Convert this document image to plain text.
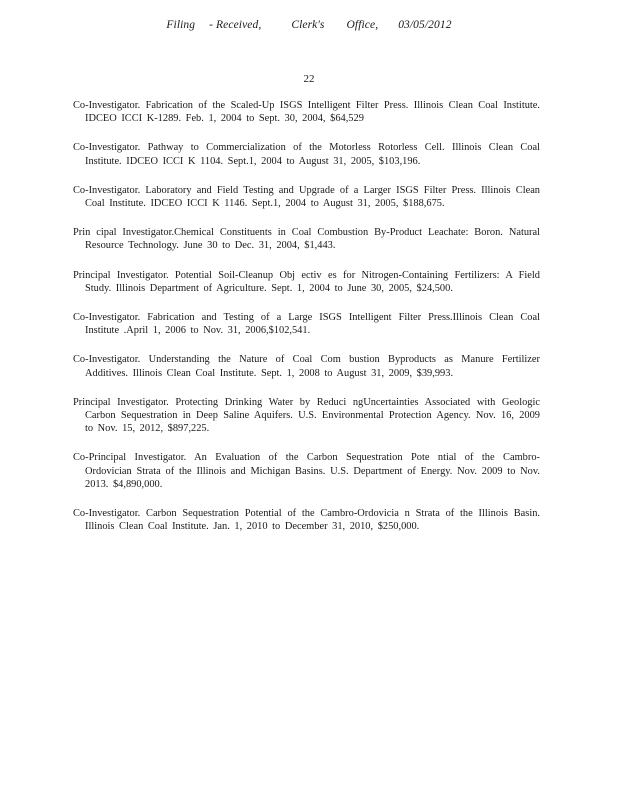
Filing - Received,	Clerk's Office, 03/05/2012
22
Co-Investigator. Fabrication of the Scaled-Up ISGS Intelligent Filter Press. Illinois Clean Coal Institute. IDCEO ICCI K-1289. Feb. 1, 2004 to Sept. 30, 2004, $64,529
Co-Investigator. Pathway to Commercialization of the Motorless Rotorless Cell. Illinois Clean Coal Institute. IDCEO ICCI K 1104. Sept.1, 2004 to August 31, 2005, $103,196.
Co-Investigator. Laboratory and Field Testing and Upgrade of a Larger ISGS Filter Press. Illinois Clean Coal Institute. IDCEO ICCI K 1146. Sept.1, 2004 to August 31, 2005, $188,675.
Prin cipal Investigator.Chemical Constituents in Coal Combustion By-Product Leachate: Boron. Natural Resource Technology. June 30 to Dec. 31, 2004, $1,443.
Principal Investigator. Potential Soil-Cleanup Obj ectiv es for Nitrogen-Containing Fertilizers: A Field Study. Illinois Department of Agriculture. Sept. 1, 2004 to June 30, 2005, $24,500.
Co-Investigator. Fabrication and Testing of a Large ISGS Intelligent Filter Press.Illinois Clean Coal Institute .April 1, 2006 to Nov. 31, 2006,$102,541.
Co-Investigator. Understanding the Nature of Coal Com bustion Byproducts as Manure Fertilizer Additives. Illinois Clean Coal Institute. Sept. 1, 2008 to August 31, 2009, $39,993.
Principal Investigator. Protecting Drinking Water by Reduci ngUncertainties Associated with Geologic Carbon Sequestration in Deep Saline Aquifers. U.S. Environmental Protection Agency. Nov. 16, 2009 to Nov. 15, 2012, $897,225.
Co-Principal Investigator. An Evaluation of the Carbon Sequestration Pote ntial of the Cambro-Ordovician Strata of the Illinois and Michigan Basins. U.S. Department of Energy. Nov. 2009 to Nov. 2013. $4,890,000.
Co-Investigator. Carbon Sequestration Potential of the Cambro-Ordovicia n Strata of the Illinois Basin. Illinois Clean Coal Institute. Jan. 1, 2010 to December 31, 2010, $250,000.
